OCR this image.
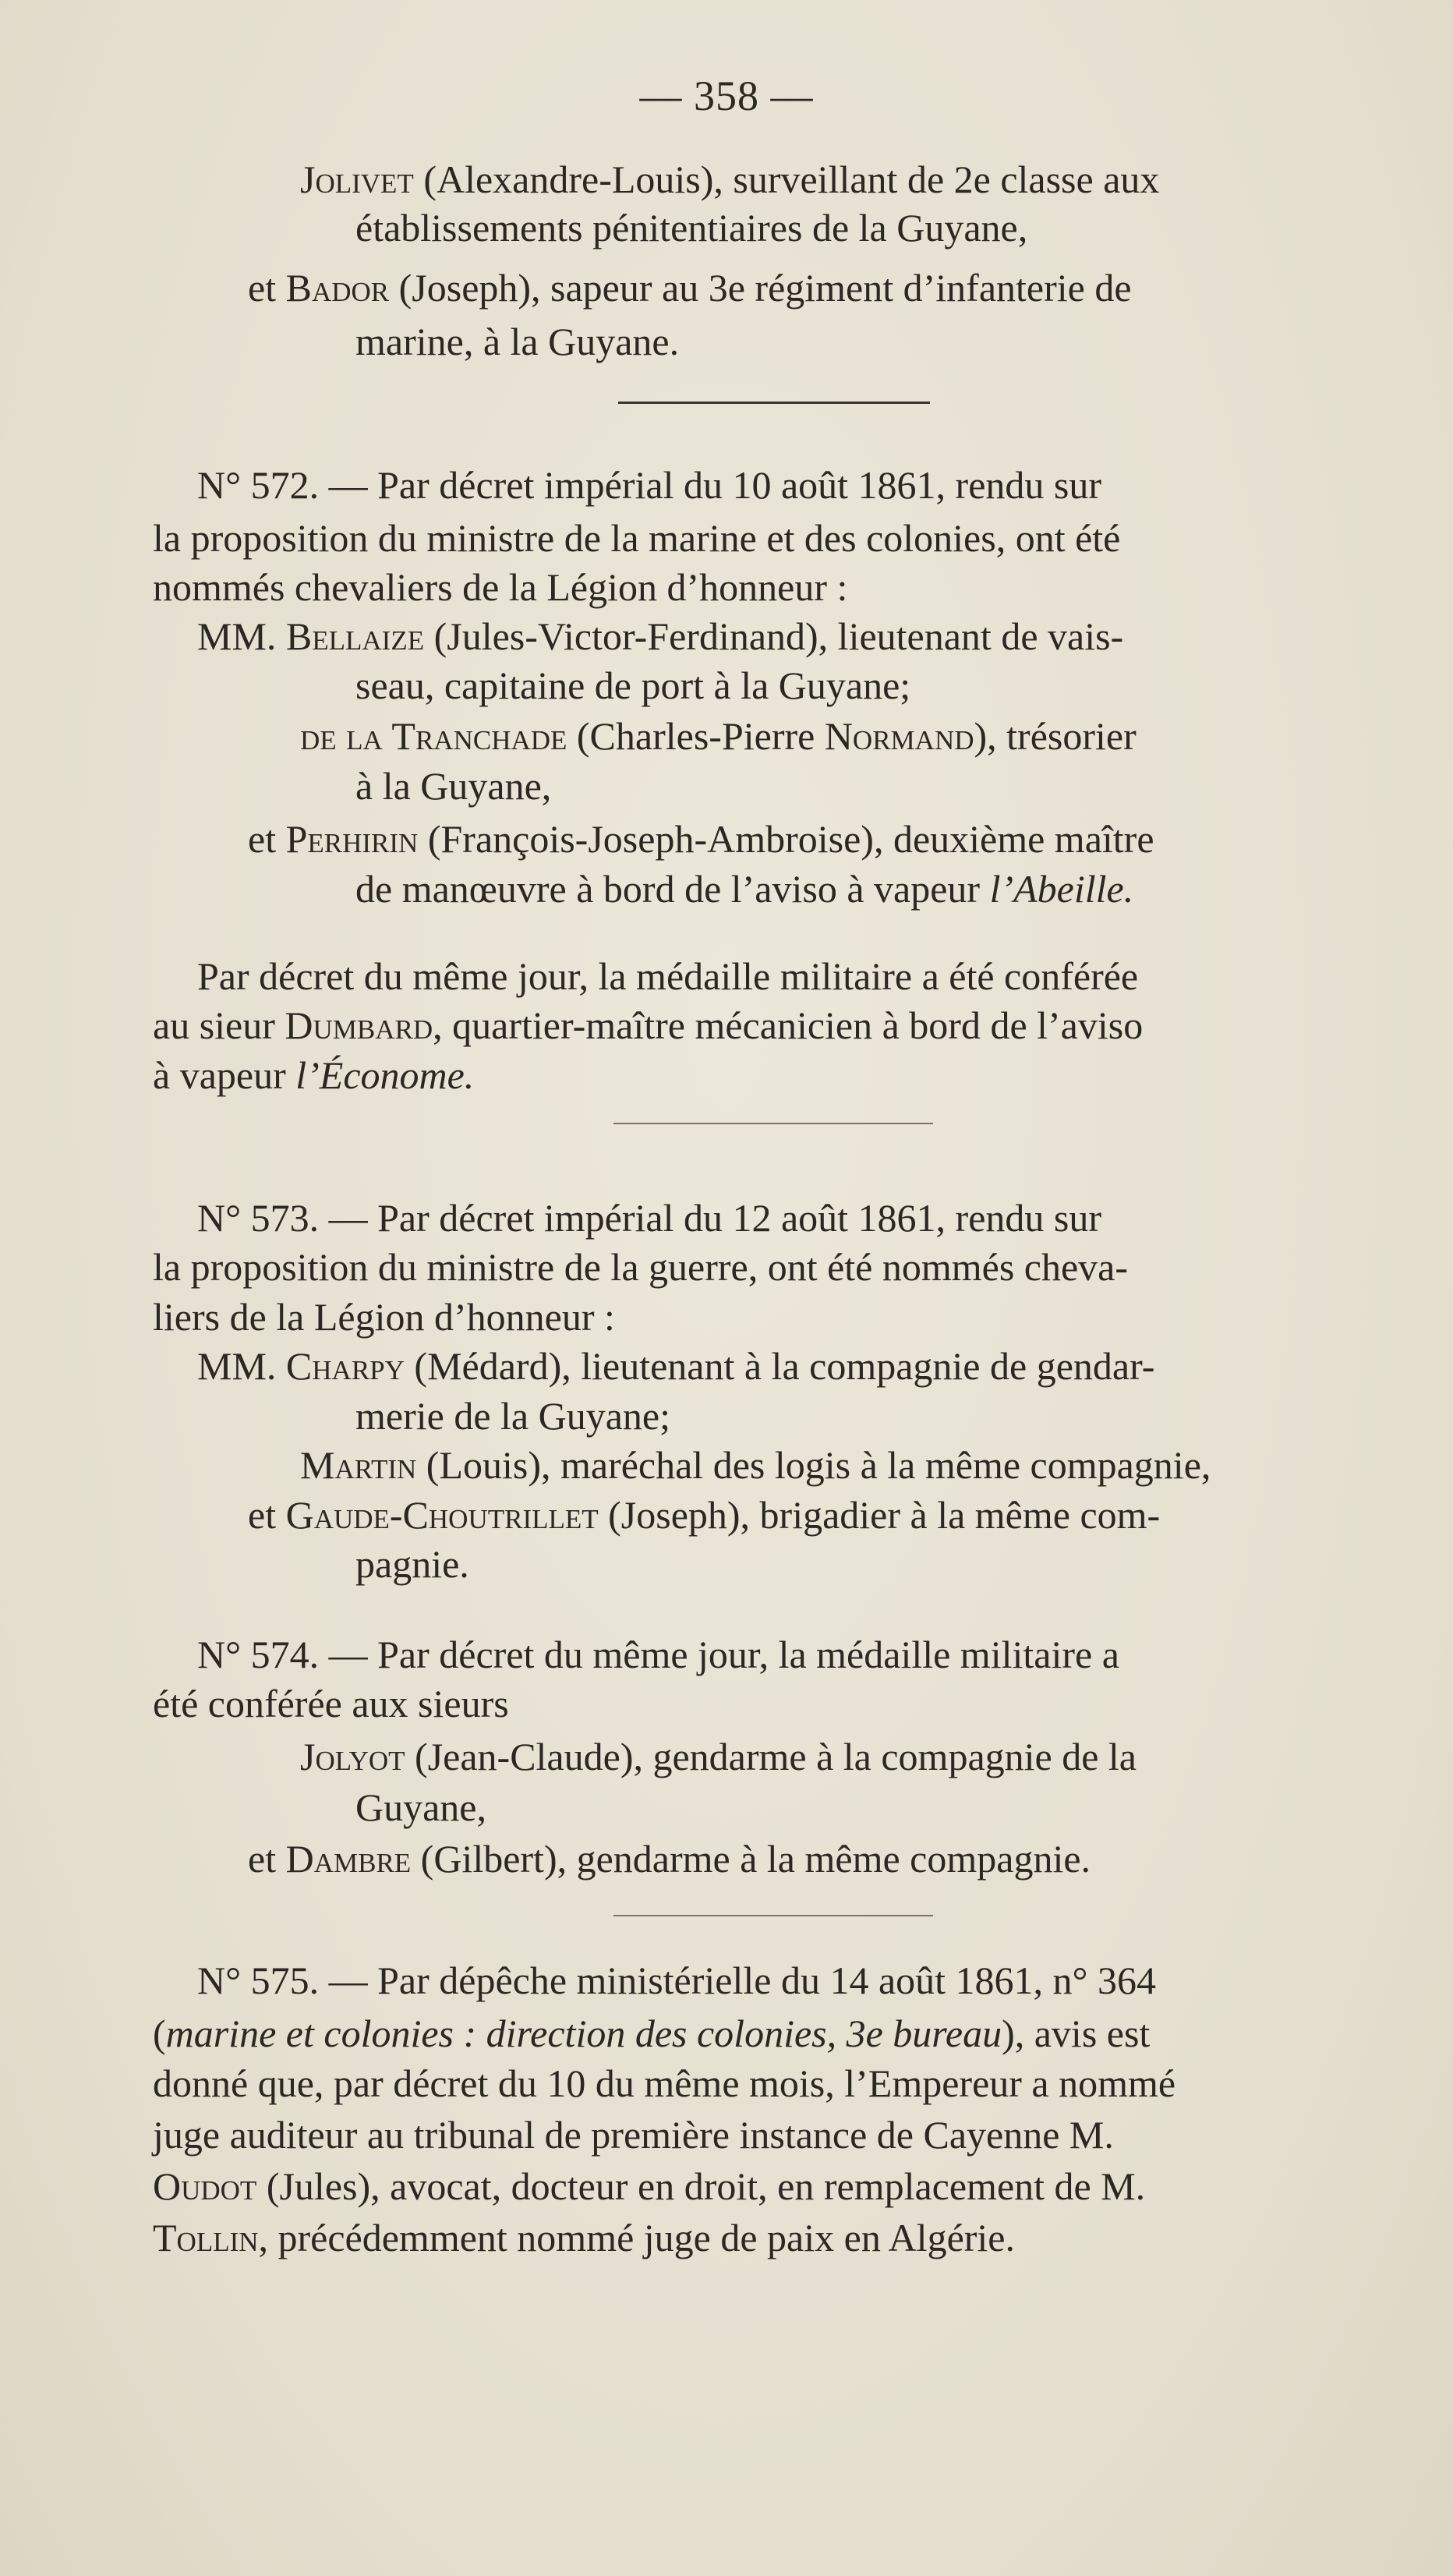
— 358 —
Jolivet (Alexandre-Louis), surveillant de 2e classe aux
établissements pénitentiaires de la Guyane,
et Bador (Joseph), sapeur au 3e régiment d’infanterie de
marine, à la Guyane.
N° 572. — Par décret impérial du 10 août 1861, rendu sur
la proposition du ministre de la marine et des colonies, ont été
nommés chevaliers de la Légion d’honneur :
MM. Bellaize (Jules-Victor-Ferdinand), lieutenant de vais-
seau, capitaine de port à la Guyane;
de la Tranchade (Charles-Pierre Normand), trésorier
à la Guyane,
et Perhirin (François-Joseph-Ambroise), deuxième maître
de manœuvre à bord de l’aviso à vapeur l’Abeille.
Par décret du même jour, la médaille militaire a été conférée
au sieur Dumbard, quartier-maître mécanicien à bord de l’aviso
à vapeur l’Économe.
N° 573. — Par décret impérial du 12 août 1861, rendu sur
la proposition du ministre de la guerre, ont été nommés cheva-
liers de la Légion d’honneur :
MM. Charpy (Médard), lieutenant à la compagnie de gendar-
merie de la Guyane;
Martin (Louis), maréchal des logis à la même compagnie,
et Gaude-Choutrillet (Joseph), brigadier à la même com-
pagnie.
N° 574. — Par décret du même jour, la médaille militaire a
été conférée aux sieurs
Jolyot (Jean-Claude), gendarme à la compagnie de la
Guyane,
et Dambre (Gilbert), gendarme à la même compagnie.
N° 575. — Par dépêche ministérielle du 14 août 1861, n° 364
(marine et colonies : direction des colonies, 3e bureau), avis est
donné que, par décret du 10 du même mois, l’Empereur a nommé
juge auditeur au tribunal de première instance de Cayenne M.
Oudot (Jules), avocat, docteur en droit, en remplacement de M.
Tollin, précédemment nommé juge de paix en Algérie.
